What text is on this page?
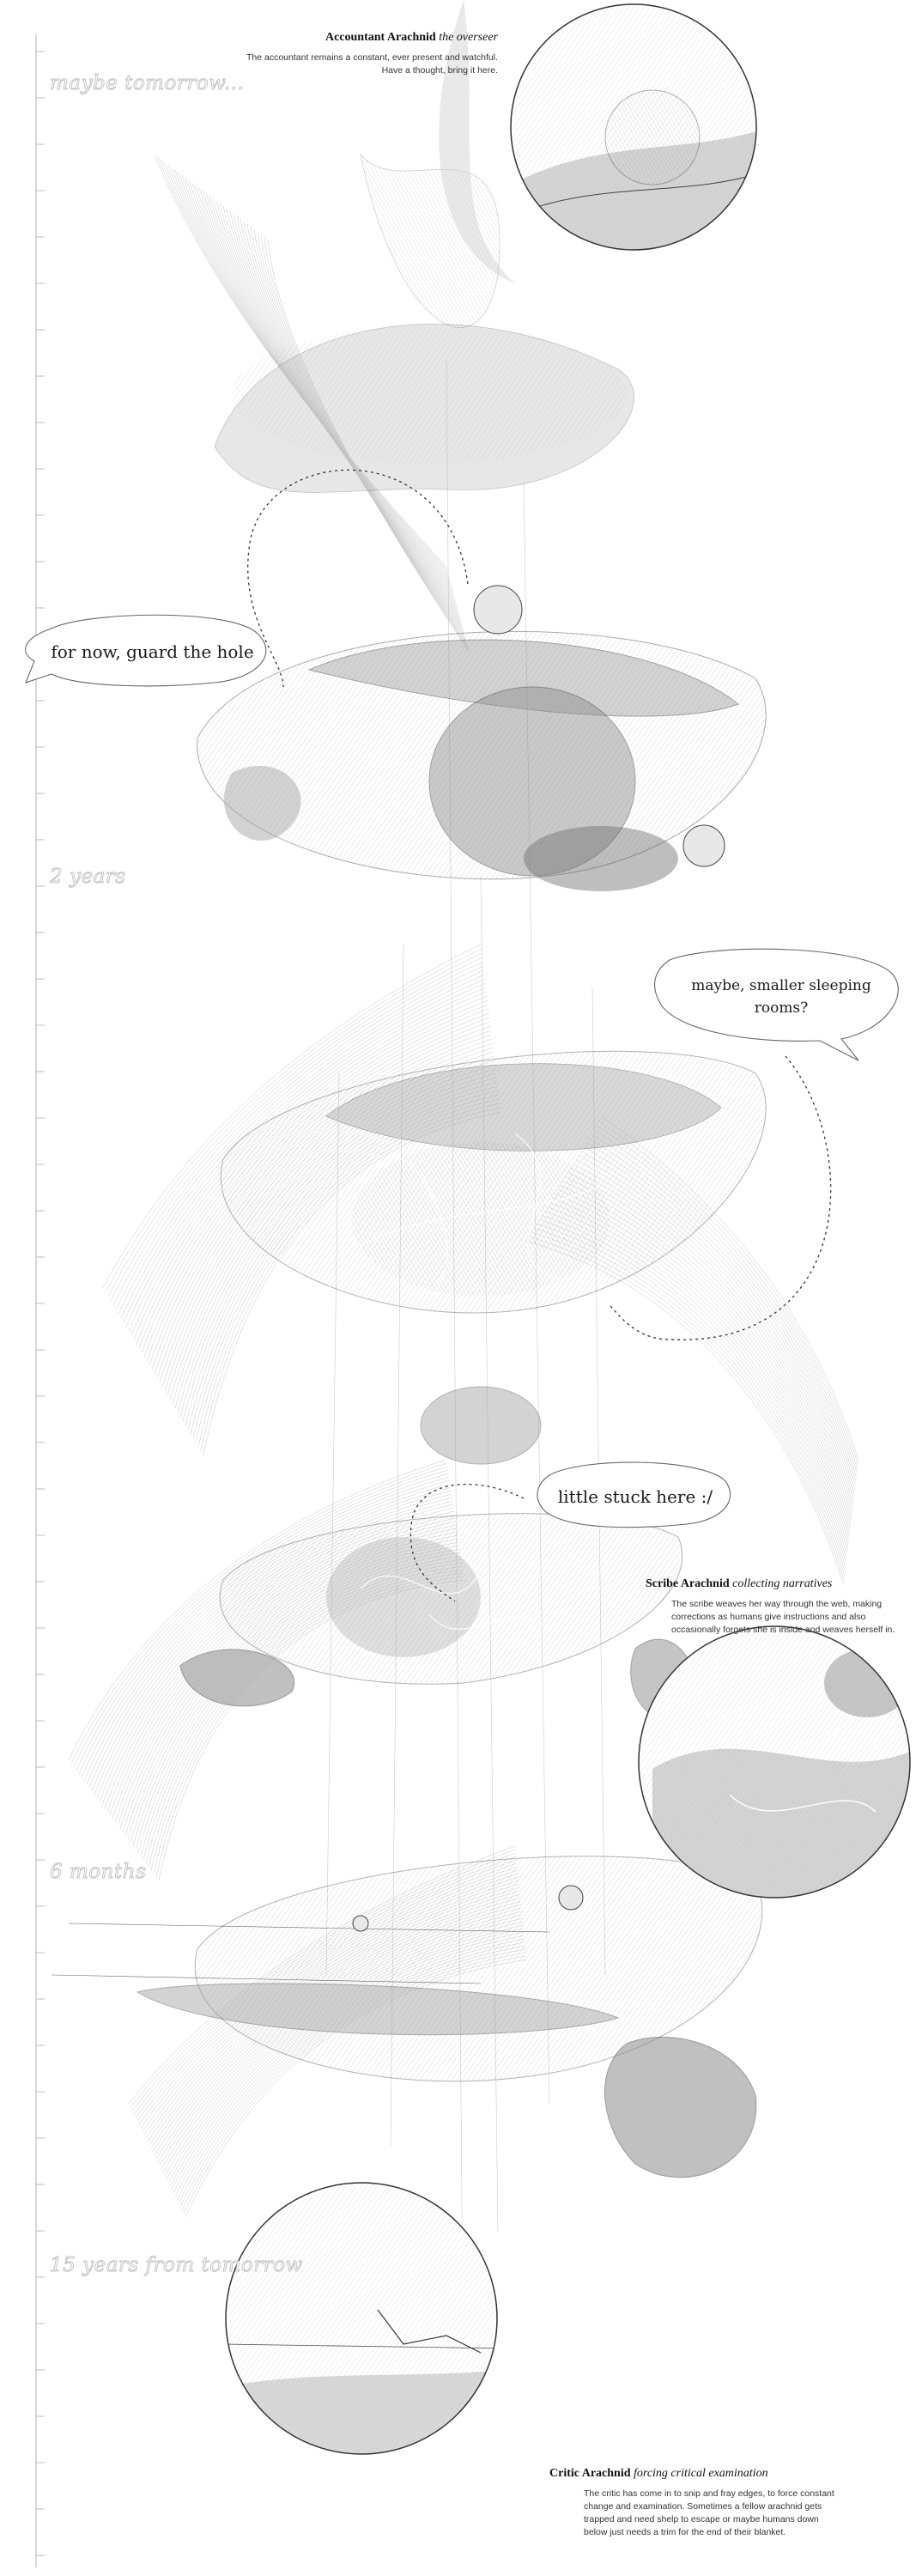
maybe tomorrow...
2 years
6 months
15 years from tomorrow
for now, guard the hole
maybe, smaller sleeping rooms?
little stuck here :/
Accountant Arachnid the overseer
The accountant remains a constant, ever present and watchful. Have a thought, bring it here.
Scribe Arachnid collecting narratives
The scribe weaves her way through the web, making corrections as humans give instructions and also occasionally forgets she is inside and weaves herself in.
Critic Arachnid forcing critical examination
The critic has come in to snip and fray edges, to force constant change and examination. Sometimes a fellow arachnid gets trapped and need shelp to escape or maybe humans down below just needs a trim for the end of their blanket.
